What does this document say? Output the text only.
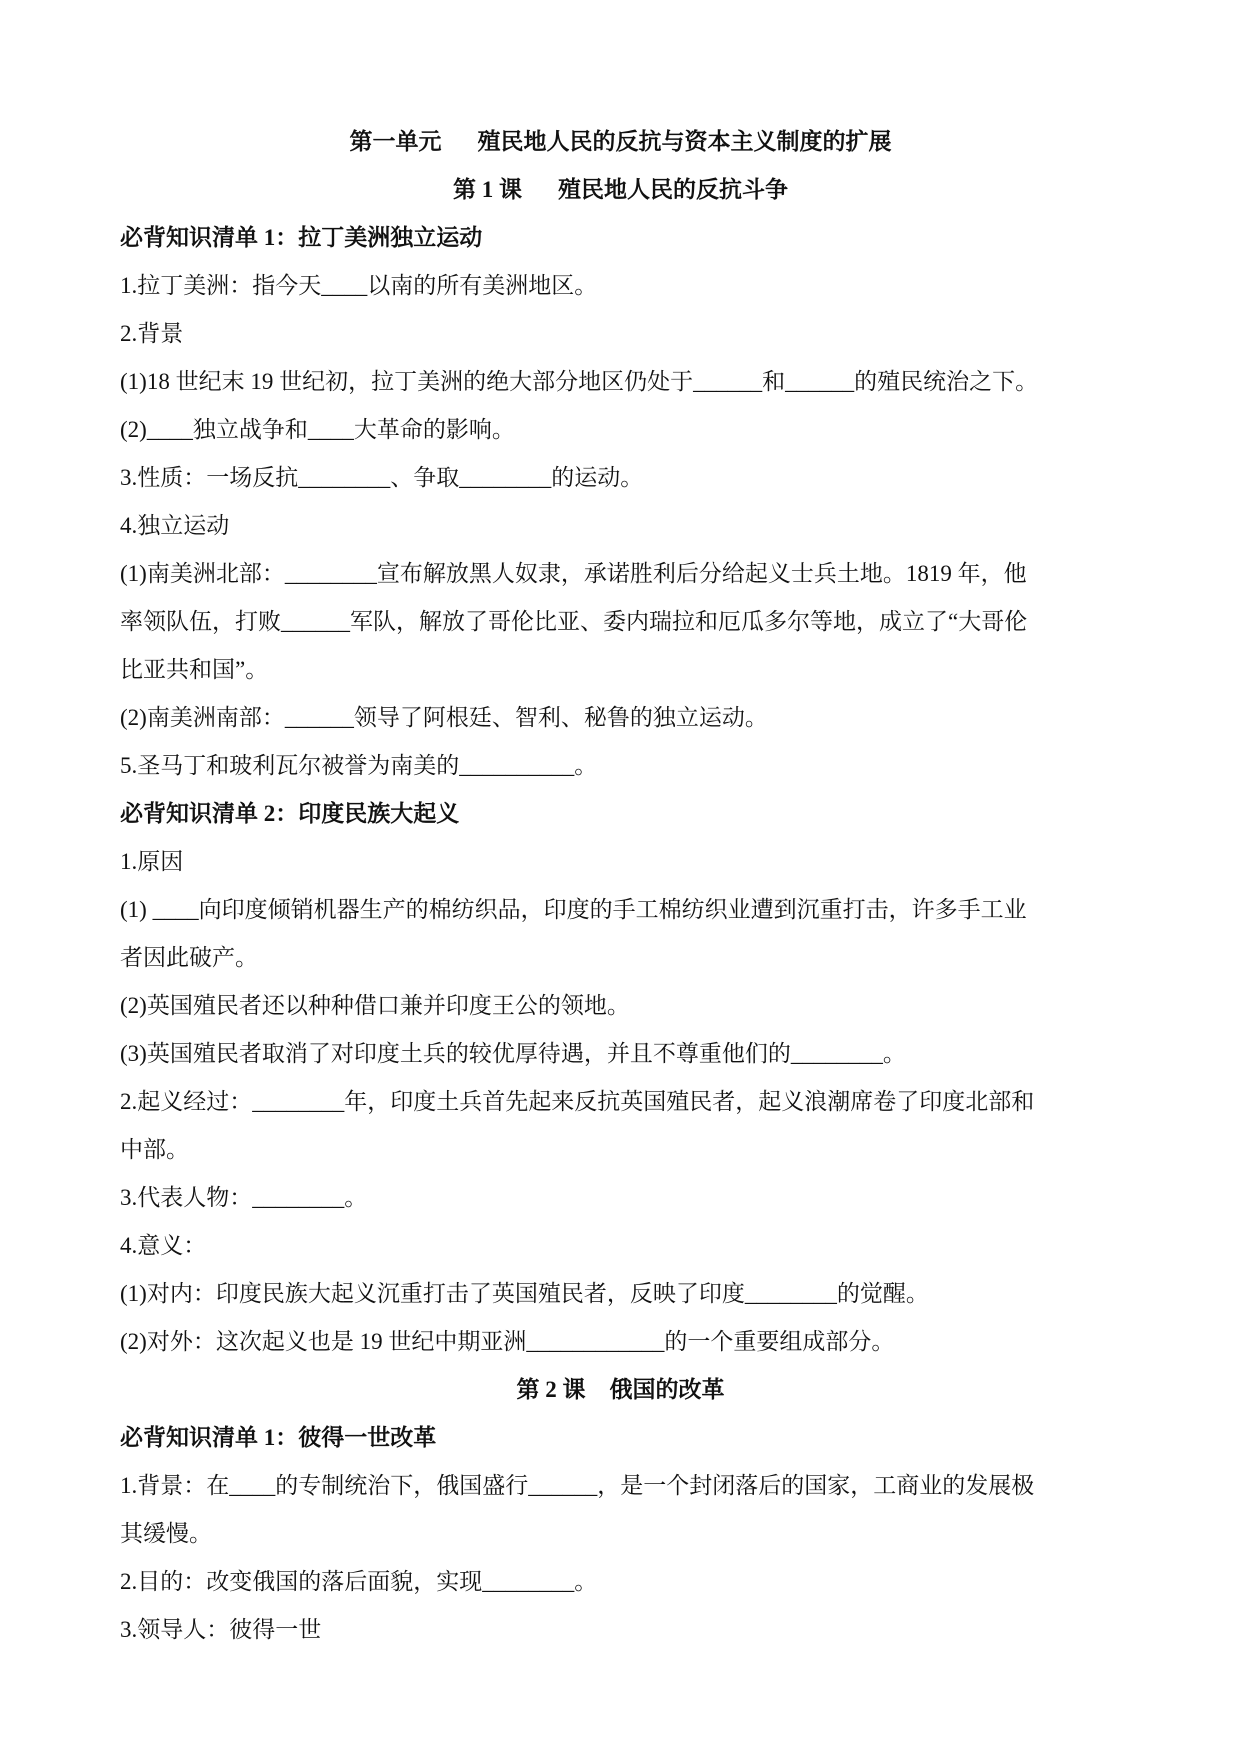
第一单元 殖民地人民的反抗与资本主义制度的扩展
第 1 课 殖民地人民的反抗斗争
必背知识清单 1：拉丁美洲独立运动
1.拉丁美洲：指今天____以南的所有美洲地区。
2.背景
(1)18 世纪末 19 世纪初，拉丁美洲的绝大部分地区仍处于______和______的殖民统治之下。
(2)____独立战争和____大革命的影响。
3.性质：一场反抗________、争取________的运动。
4.独立运动
(1)南美洲北部：________宣布解放黑人奴隶，承诺胜利后分给起义士兵土地。1819 年，他
率领队伍，打败______军队，解放了哥伦比亚、委内瑞拉和厄瓜多尔等地，成立了“大哥伦
比亚共和国”。
(2)南美洲南部：______领导了阿根廷、智利、秘鲁的独立运动。
5.圣马丁和玻利瓦尔被誉为南美的__________。
必背知识清单 2：印度民族大起义
1.原因
(1) ____向印度倾销机器生产的棉纺织品，印度的手工棉纺织业遭到沉重打击，许多手工业
者因此破产。
(2)英国殖民者还以种种借口兼并印度王公的领地。
(3)英国殖民者取消了对印度土兵的较优厚待遇，并且不尊重他们的________。
2.起义经过：________年，印度土兵首先起来反抗英国殖民者，起义浪潮席卷了印度北部和
中部。
3.代表人物：________。
4.意义：
(1)对内：印度民族大起义沉重打击了英国殖民者，反映了印度________的觉醒。
(2)对外：这次起义也是 19 世纪中期亚洲____________的一个重要组成部分。
第 2 课 俄国的改革
必背知识清单 1：彼得一世改革
1.背景：在____的专制统治下，俄国盛行______，是一个封闭落后的国家，工商业的发展极
其缓慢。
2.目的：改变俄国的落后面貌，实现________。
3.领导人：彼得一世
